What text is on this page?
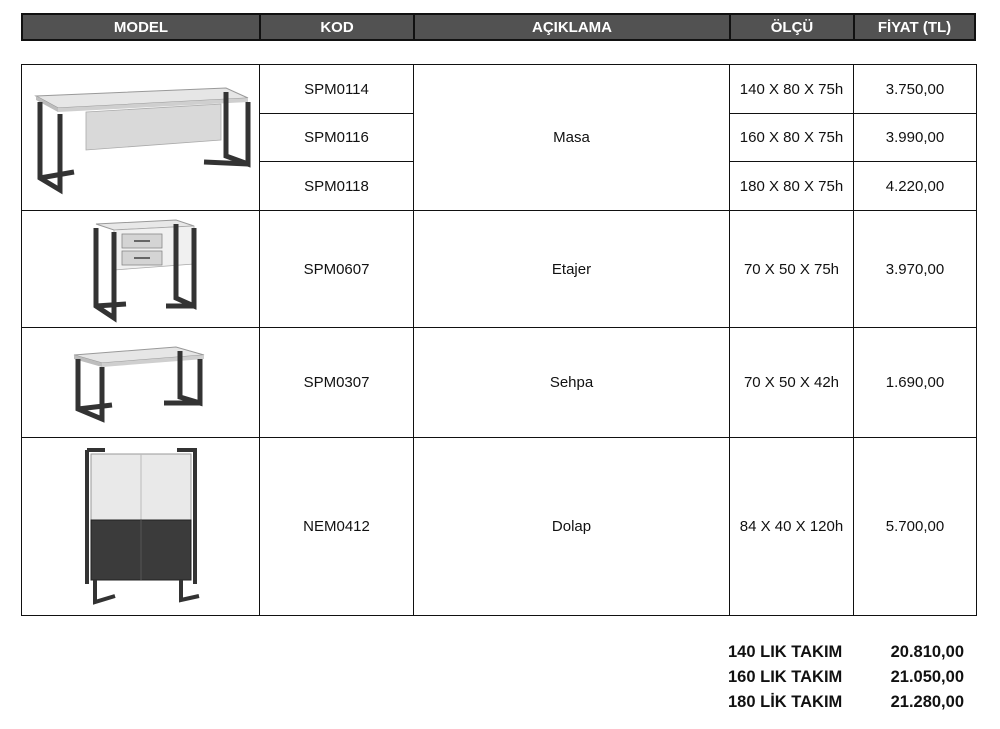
MODEL	KOD	AÇIKLAMA	ÖLÇÜ	FİYAT (TL)
	SPM0114	Masa	140 X 80 X 75h	3.750,00
	SPM0116		160 X 80 X 75h	3.990,00
	SPM0118		180 X 80 X 75h	4.220,00

	SPM0607	Etajer	70 X 50 X 75h	3.970,00

	SPM0307	Sehpa	70 X 50 X 42h	1.690,00

	NEM0412	Dolap	84 X 40 X 120h	5.700,00
140 LIK TAKIM	20.810,00
160 LIK TAKIM	21.050,00
180 LİK TAKIM	21.280,00
